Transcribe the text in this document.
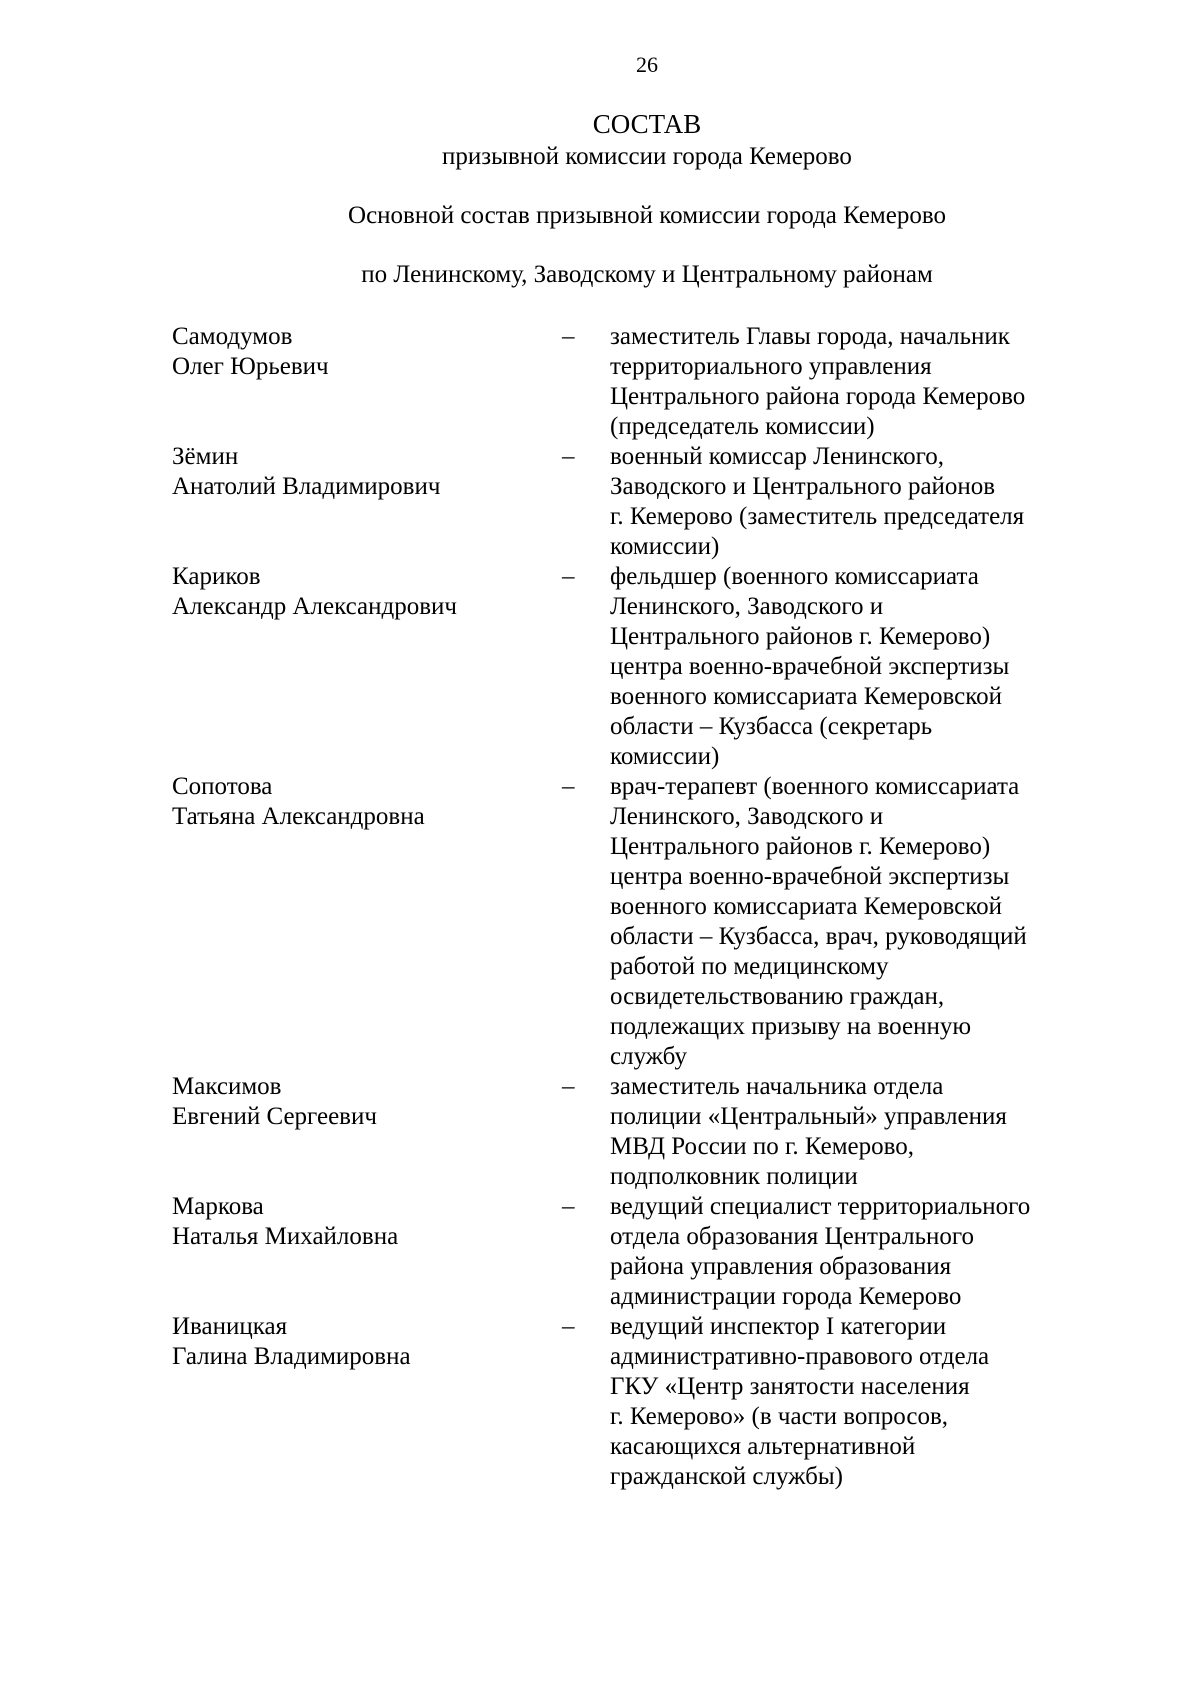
26
СОСТАВ
призывной комиссии города Кемерово
Основной состав призывной комиссии города Кемерово
по Ленинскому, Заводскому и Центральному районам
Самодумов
Олег Юрьевич
–	заместитель Главы города, начальник
территориального управления
Центрального района города Кемерово
(председатель комиссии)
Зёмин
Анатолий Владимирович
–	военный комиссар Ленинского,
Заводского и Центрального районов
г. Кемерово (заместитель председателя
комиссии)
Кариков
Александр Александрович
–	фельдшер (военного комиссариата
Ленинского, Заводского и
Центрального районов г. Кемерово)
центра военно-врачебной экспертизы
военного комиссариата Кемеровской
области – Кузбасса (секретарь
комиссии)
Сопотова
Татьяна Александровна
–	врач-терапевт (военного комиссариата
Ленинского, Заводского и
Центрального районов г. Кемерово)
центра военно-врачебной экспертизы
военного комиссариата Кемеровской
области – Кузбасса, врач, руководящий
работой по медицинскому
освидетельствованию граждан,
подлежащих призыву на военную
службу
Максимов
Евгений Сергеевич
–	заместитель начальника отдела
полиции «Центральный» управления
МВД России по г. Кемерово,
подполковник полиции
Маркова
Наталья Михайловна
–	ведущий специалист территориального
отдела образования Центрального
района управления образования
администрации города Кемерово
Иваницкая
Галина Владимировна
–	ведущий инспектор I категории
административно-правового отдела
ГКУ «Центр занятости населения
г. Кемерово» (в части вопросов,
касающихся альтернативной
гражданской службы)
